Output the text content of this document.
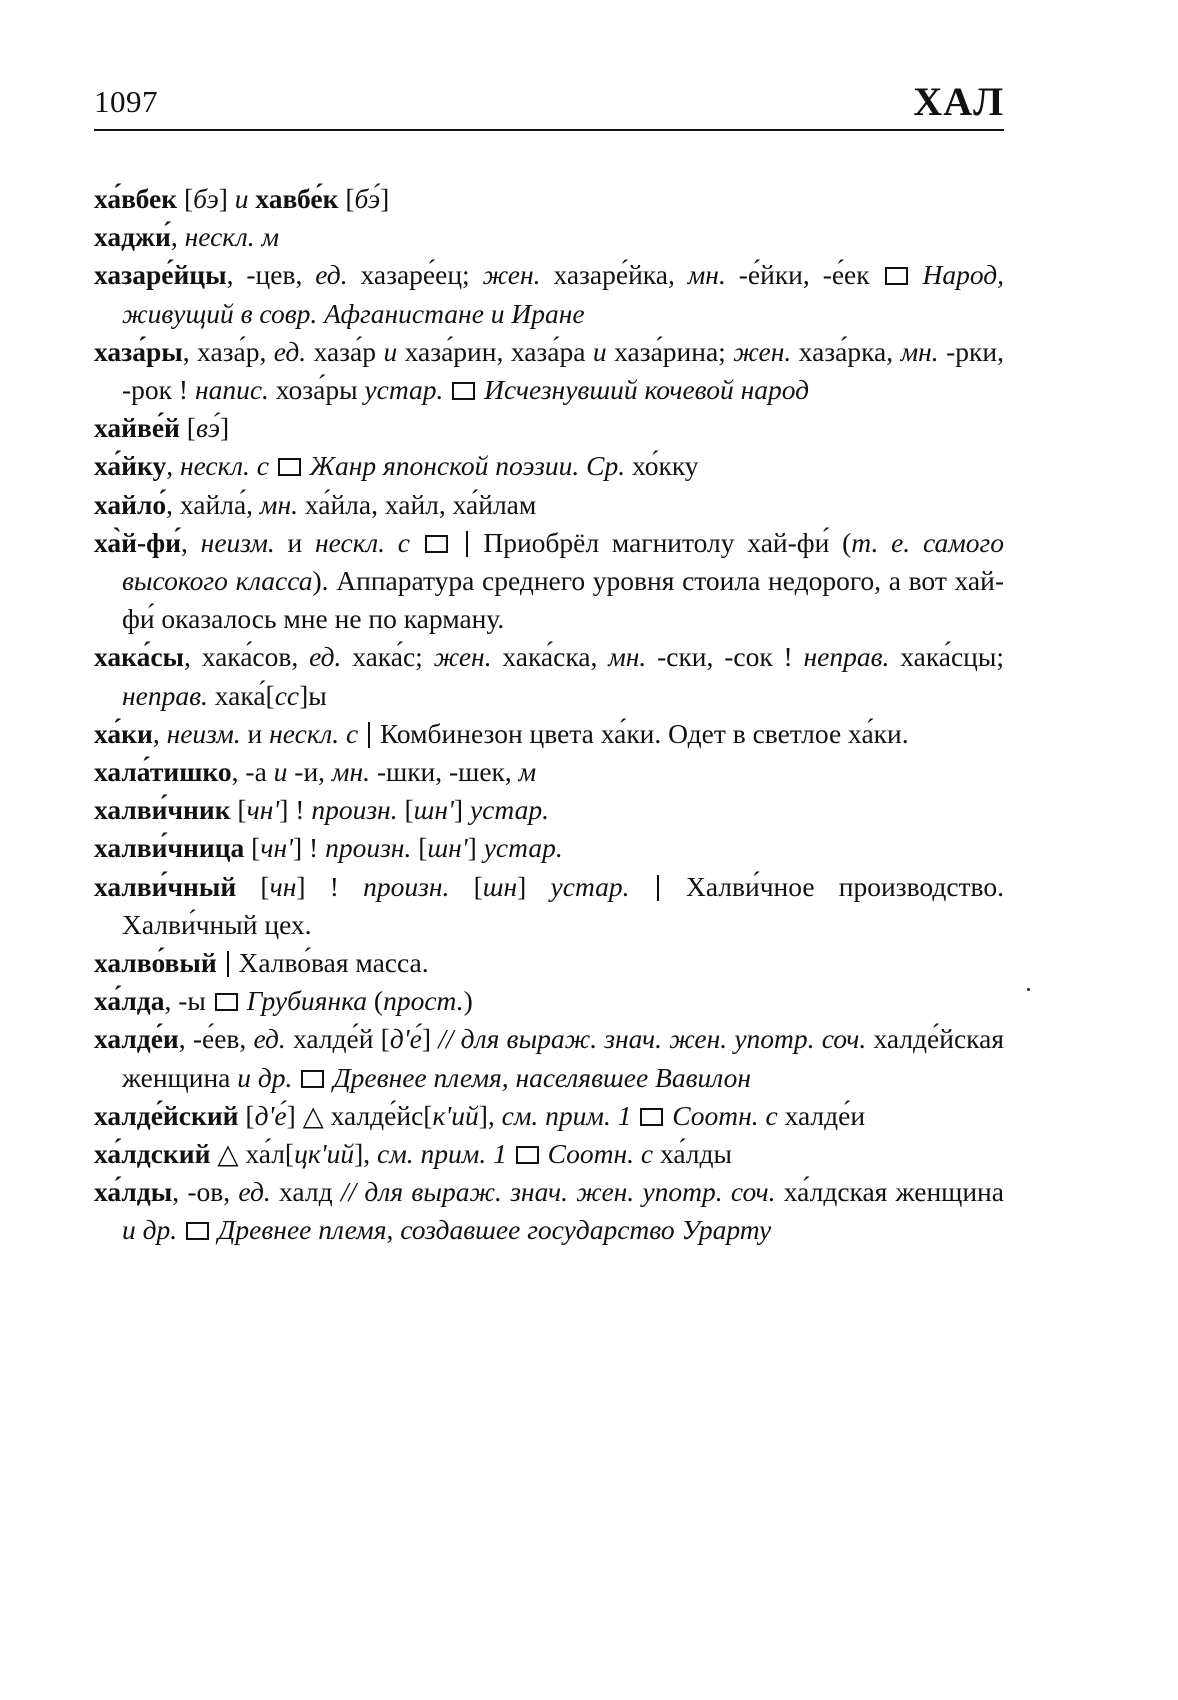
1097	ХАЛ
ха́вбек [бэ] и хавбе́к [бэ́]
хаджи́, нескл. м
хазаре́йцы, -цев, ед. хазаре́ец; жен. хазаре́йка, мн. -е́йки, -е́ек  Народ, живущий в совр. Афганистане и Иране
хаза́ры, хаза́р, ед. хаза́р и хаза́рин, хаза́ра и хаза́рина; жен. хаза́рка, мн. -рки, -рок ! напис. хоза́ры устар.  Исчезнувший кочевой народ
хайве́й [вэ́]
ха́йку, нескл. с  Жанр японской поэзии. Ср. хо́кку
хайло́, хайла́, мн. ха́йла, хайл, ха́йлам
ха̀й-фи́, неизм. и нескл. с   Приобрёл магнитолу хай-фи́ (т. е. самого высокого класса). Аппаратура среднего уровня стоила недорого, а вот хай-фи́ оказалось мне не по карману.
хака́сы, хака́сов, ед. хака́с; жен. хака́ска, мн. -ски, -сок ! неправ. хака́сцы; неправ. хака́[сс]ы
ха́ки, неизм. и нескл. с  Комбинезон цвета ха́ки. Одет в светлое ха́ки.
хала́тишко, -а и -и, мн. -шки, -шек, м
халви́чник [чнʹ] ! произн. [шнʹ] устар.
халви́чница [чнʹ] ! произн. [шнʹ] устар.
халви́чный [чн] ! произн. [шн] устар.  Халви́чное производство. Халви́чный цех.
халво́вый  Халво́вая масса.
ха́лда, -ы  Грубиянка (прост.)
халде́и, -е́ев, ед. халде́й [дʹе́] // для выраж. знач. жен. употр. соч. халде́йская женщина и др.  Древнее племя, населявшее Вавилон
халде́йский [дʹе́] △ халде́йс[кʹий], см. прим. 1  Соотн. с халде́и
ха́лдский △ ха́л[цкʹий], см. прим. 1  Соотн. с ха́лды
ха́лды, -ов, ед. халд // для выраж. знач. жен. употр. соч. ха́лдская женщина и др.  Древнее племя, создавшее государство Урарту
